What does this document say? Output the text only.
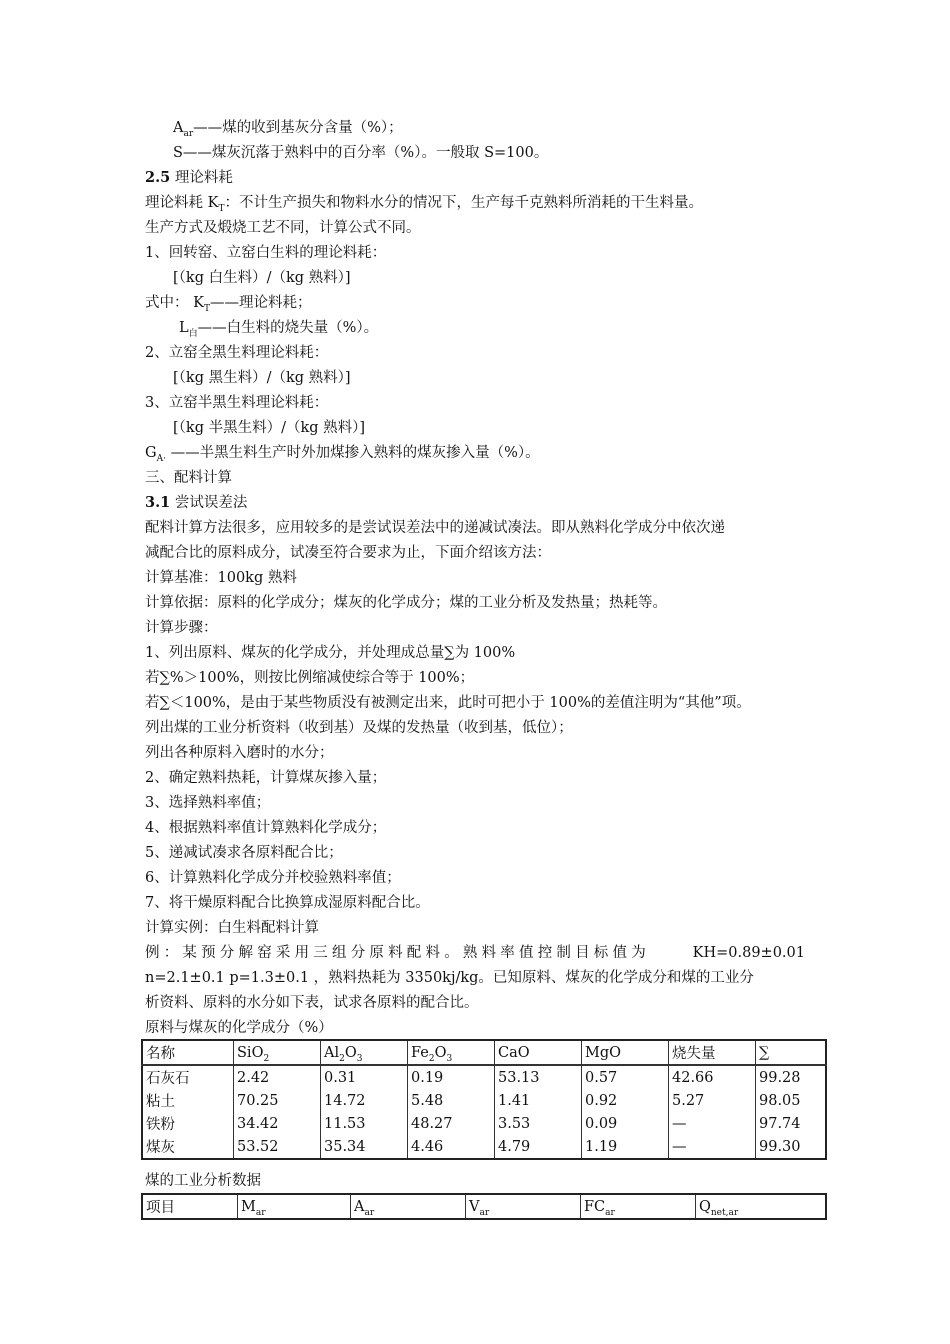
$A_{ar}——$煤的收到基灰分含量（%）；
S——煤灰沉落于熟料中的百分率（%）。一般取 S=100。
2.5 理论料耗
理论料耗 $K_T$：不计生产损失和物料水分的情况下，生产每千克熟料所消耗的干生料量。
生产方式及煅烧工艺不同，计算公式不同。
1、回转窑、立窑白生料的理论料耗：
[（kg 白生料）/（kg 熟料）]
式中： $K_T——$理论料耗；
$L_白——$白生料的烧失量（%）。
2、立窑全黑生料理论料耗：
[（kg 黑生料）/（kg 熟料）]
3、立窑半黑生料理论料耗：
[（kg 半黑生料）/（kg 熟料）]
$G_{A\cdot}$ ——半黑生料生产时外加煤掺入熟料的煤灰掺入量（%）。
三、配料计算
3.1 尝试误差法
配料计算方法很多，应用较多的是尝试误差法中的递减试凑法。即从熟料化学成分中依次递
减配合比的原料成分，试凑至符合要求为止，下面介绍该方法：
计算基准：100kg 熟料
计算依据：原料的化学成分；煤灰的化学成分；煤的工业分析及发热量；热耗等。
计算步骤：
1、列出原料、煤灰的化学成分，并处理成总量∑为 100%
若∑%＞100%，则按比例缩减使综合等于 100%；
若∑＜100%，是由于某些物质没有被测定出来，此时可把小于 100%的差值注明为“其他”项。
列出煤的工业分析资料（收到基）及煤的发热量（收到基，低位）；
列出各种原料入磨时的水分；
2、确定熟料热耗，计算煤灰掺入量；
3、选择熟料率值；
4、根据熟料率值计算熟料化学成分；
5、递减试凑求各原料配合比；
6、计算熟料化学成分并校验熟料率值；
7、将干燥原料配合比换算成湿原料配合比。
计算实例：白生料配料计算
例：某预分解窑采用三组分原料配料。熟料率值控制目标值为	KH=0.89±0.01
n=2.1±0.1 p=1.3±0.1 ，熟料热耗为 3350kj/kg。已知原料、煤灰的化学成分和煤的工业分
析资料、原料的水分如下表，试求各原料的配合比。
原料与煤灰的化学成分（%）
名称	SiO$_2$	$Al_2O_3$	$Fe_2O_3$	CaO	MgO	烧失量	∑
石灰石	2.42	0.31	0.19	53.13	0.57	42.66	99.28
粘土	70.25	14.72	5.48	1.41	0.92	5.27	98.05
铁粉	34.42	11.53	48.27	3.53	0.09	—	97.74
煤灰	53.52	35.34	4.46	4.79	1.19	—	99.30
煤的工业分析数据
项目	$M_{ar}$	$A_{ar}$	$V_{ar}$	$FC_{ar}$	$Q_{net,ar}$
